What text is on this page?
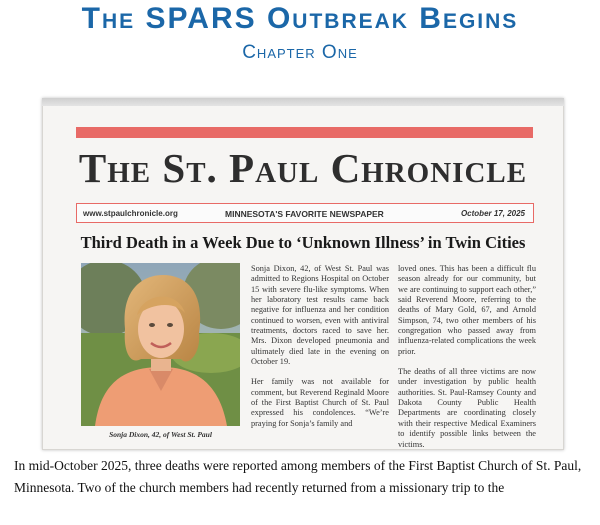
The SPARS Outbreak Begins
Chapter One
The St. Paul Chronicle
www.stpaulchronicle.org	MINNESOTA'S FAVORITE NEWSPAPER	October 17, 2025
Third Death in a Week Due to ‘Unknown Illness’ in Twin Cities
Sonja Dixon, 42, of West St. Paul

Sonja Dixon, 42, of West St. Paul was admitted to Regions Hospital on October 15 with severe flu-like symptoms. When her laboratory test results came back negative for influenza and her condition continued to worsen, even with antiviral treatments, doctors raced to save her. Mrs. Dixon developed pneumonia and ultimately died late in the evening on October 19.

Her family was not available for comment, but Reverend Reginald Moore of the First Baptist Church of St. Paul expressed his condolences. “We’re praying for Sonja’s family and

loved ones. This has been a difficult flu season already for our community, but we are continuing to support each other,” said Reverend Moore, referring to the deaths of Mary Gold, 67, and Arnold Simpson, 74, two other members of his congregation who passed away from influenza-related complications the week prior.

The deaths of all three victims are now under investigation by public health authorities. St. Paul-Ramsey County and Dakota County Public Health Departments are coordinating closely with their respective Medical Examiners to identify possible links between the victims.

In mid-October 2025, three deaths were reported among members of the First Baptist Church of St. Paul, Minnesota. Two of the church members had recently returned from a missionary trip to the
